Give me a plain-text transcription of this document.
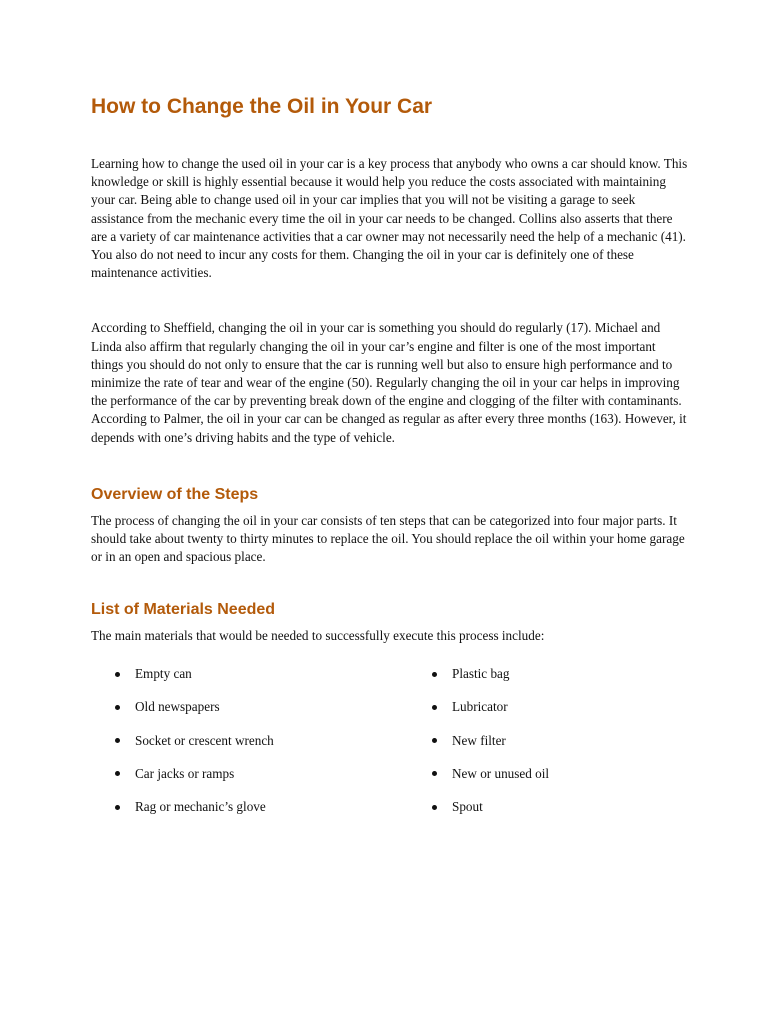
How to Change the Oil in Your Car

Learning how to change the used oil in your car is a key process that anybody who owns a car should know. This knowledge or skill is highly essential because it would help you reduce the costs associated with maintaining your car. Being able to change used oil in your car implies that you will not be visiting a garage to seek assistance from the mechanic every time the oil in your car needs to be changed. Collins also asserts that there are a variety of car maintenance activities that a car owner may not necessarily need the help of a mechanic (41). You also do not need to incur any costs for them. Changing the oil in your car is definitely one of these maintenance activities.

According to Sheffield, changing the oil in your car is something you should do regularly (17). Michael and Linda also affirm that regularly changing the oil in your car’s engine and filter is one of the most important things you should do not only to ensure that the car is running well but also to ensure high performance and to minimize the rate of tear and wear of the engine (50). Regularly changing the oil in your car helps in improving the performance of the car by preventing break down of the engine and clogging of the filter with contaminants. According to Palmer, the oil in your car can be changed as regular as after every three months (163). However, it depends with one’s driving habits and the type of vehicle.

Overview of the Steps

The process of changing the oil in your car consists of ten steps that can be categorized into four major parts. It should take about twenty to thirty minutes to replace the oil. You should replace the oil within your home garage or in an open and spacious place.

List of Materials Needed

The main materials that would be needed to successfully execute this process include:

Empty can
Old newspapers
Socket or crescent wrench
Car jacks or ramps
Rag or mechanic’s glove
Plastic bag
Lubricator
New filter
New or unused oil
Spout
